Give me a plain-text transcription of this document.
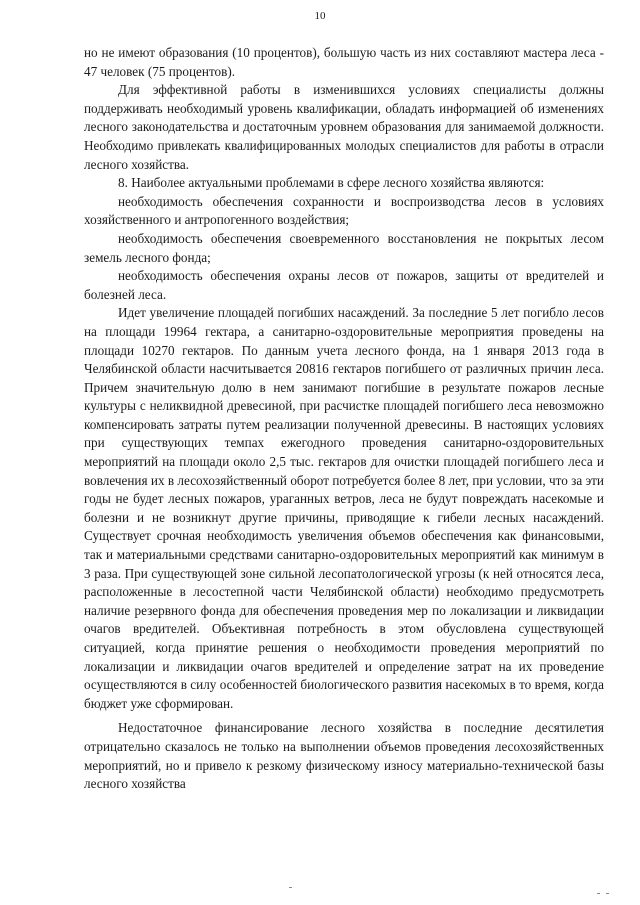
10

но не имеют образования (10 процентов), большую часть из них составляют мастера леса - 47 человек (75 процентов).

Для эффективной работы в изменившихся условиях специалисты должны поддерживать необходимый уровень квалификации, обладать информацией об изменениях лесного законодательства и достаточным уровнем образования для занимаемой должности. Необходимо привлекать квалифицированных молодых специалистов для работы в отрасли лесного хозяйства.

8. Наиболее актуальными проблемами в сфере лесного хозяйства являются:

необходимость обеспечения сохранности и воспроизводства лесов в условиях хозяйственного и антропогенного воздействия;

необходимость обеспечения своевременного восстановления не покрытых лесом земель лесного фонда;

необходимость обеспечения охраны лесов от пожаров, защиты от вредителей и болезней леса.

Идет увеличение площадей погибших насаждений. За последние 5 лет погибло лесов на площади 19964 гектара, а санитарно-оздоровительные мероприятия проведены на площади 10270 гектаров. По данным учета лесного фонда, на 1 января 2013 года в Челябинской области насчитывается 20816 гектаров погибшего от различных причин леса. Причем значительную долю в нем занимают погибшие в результате пожаров лесные культуры с неликвидной древесиной, при расчистке площадей погибшего леса невозможно компенсировать затраты путем реализации полученной древесины. В настоящих условиях при существующих темпах ежегодного проведения санитарно-оздоровительных мероприятий на площади около 2,5 тыс. гектаров для очистки площадей погибшего леса и вовлечения их в лесохозяйственный оборот потребуется более 8 лет, при условии, что за эти годы не будет лесных пожаров, ураганных ветров, леса не будут повреждать насекомые и болезни и не возникнут другие причины, приводящие к гибели лесных насаждений. Существует срочная необходимость увеличения объемов обеспечения как финансовыми, так и материальными средствами санитарно-оздоровительных мероприятий как минимум в 3 раза. При существующей зоне сильной лесопатологической угрозы (к ней относятся леса, расположенные в лесостепной части Челябинской области) необходимо предусмотреть наличие резервного фонда для обеспечения проведения мер по локализации и ликвидации очагов вредителей. Объективная потребность в этом обусловлена существующей ситуацией, когда принятие решения о необходимости проведения мероприятий по локализации и ликвидации очагов вредителей и определение затрат на их проведение осуществляются в силу особенностей биологического развития насекомых в то время, когда бюджет уже сформирован.

Недостаточное финансирование лесного хозяйства в последние десятилетия отрицательно сказалось не только на выполнении объемов проведения лесохозяйственных мероприятий, но и привело к резкому физическому износу материально-технической базы лесного хозяйства
